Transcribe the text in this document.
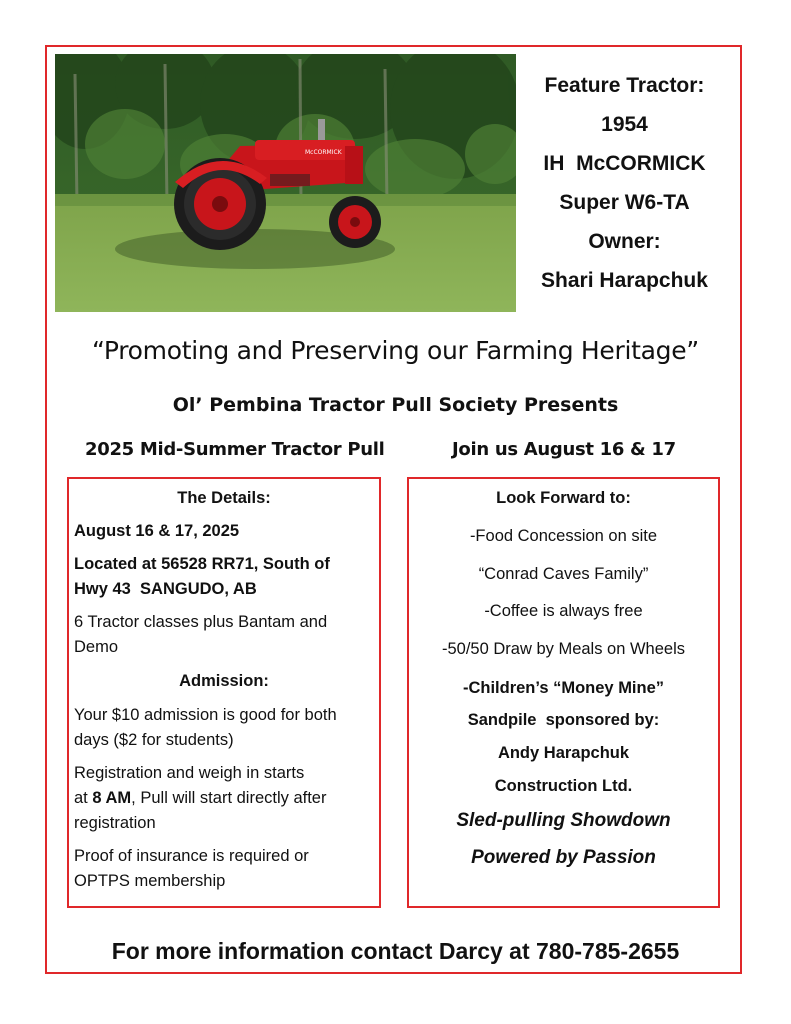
McCORMICK
Feature Tractor:
1954
IH  McCORMICK
Super W6-TA
Owner:
Shari Harapchuk
“Promoting and Preserving our Farming Heritage”
Ol’ Pembina Tractor Pull Society Presents
2025 Mid-Summer Tractor Pull	Join us August 16 & 17
The Details:
August 16 & 17, 2025
Located at 56528 RR71, South of
Hwy 43  SANGUDO, AB
6 Tractor classes plus Bantam and
Demo
Admission:
Your $10 admission is good for both
days ($2 for students)
Registration and weigh in starts
at 8 AM, Pull will start directly after
registration
Proof of insurance is required or
OPTPS membership
Look Forward to:
-Food Concession on site
“Conrad Caves Family”
-Coffee is always free
-50/50 Draw by Meals on Wheels
-Children’s “Money Mine”
Sandpile  sponsored by:
Andy Harapchuk
Construction Ltd.
Sled-pulling Showdown
Powered by Passion
For more information contact Darcy at 780-785-2655
